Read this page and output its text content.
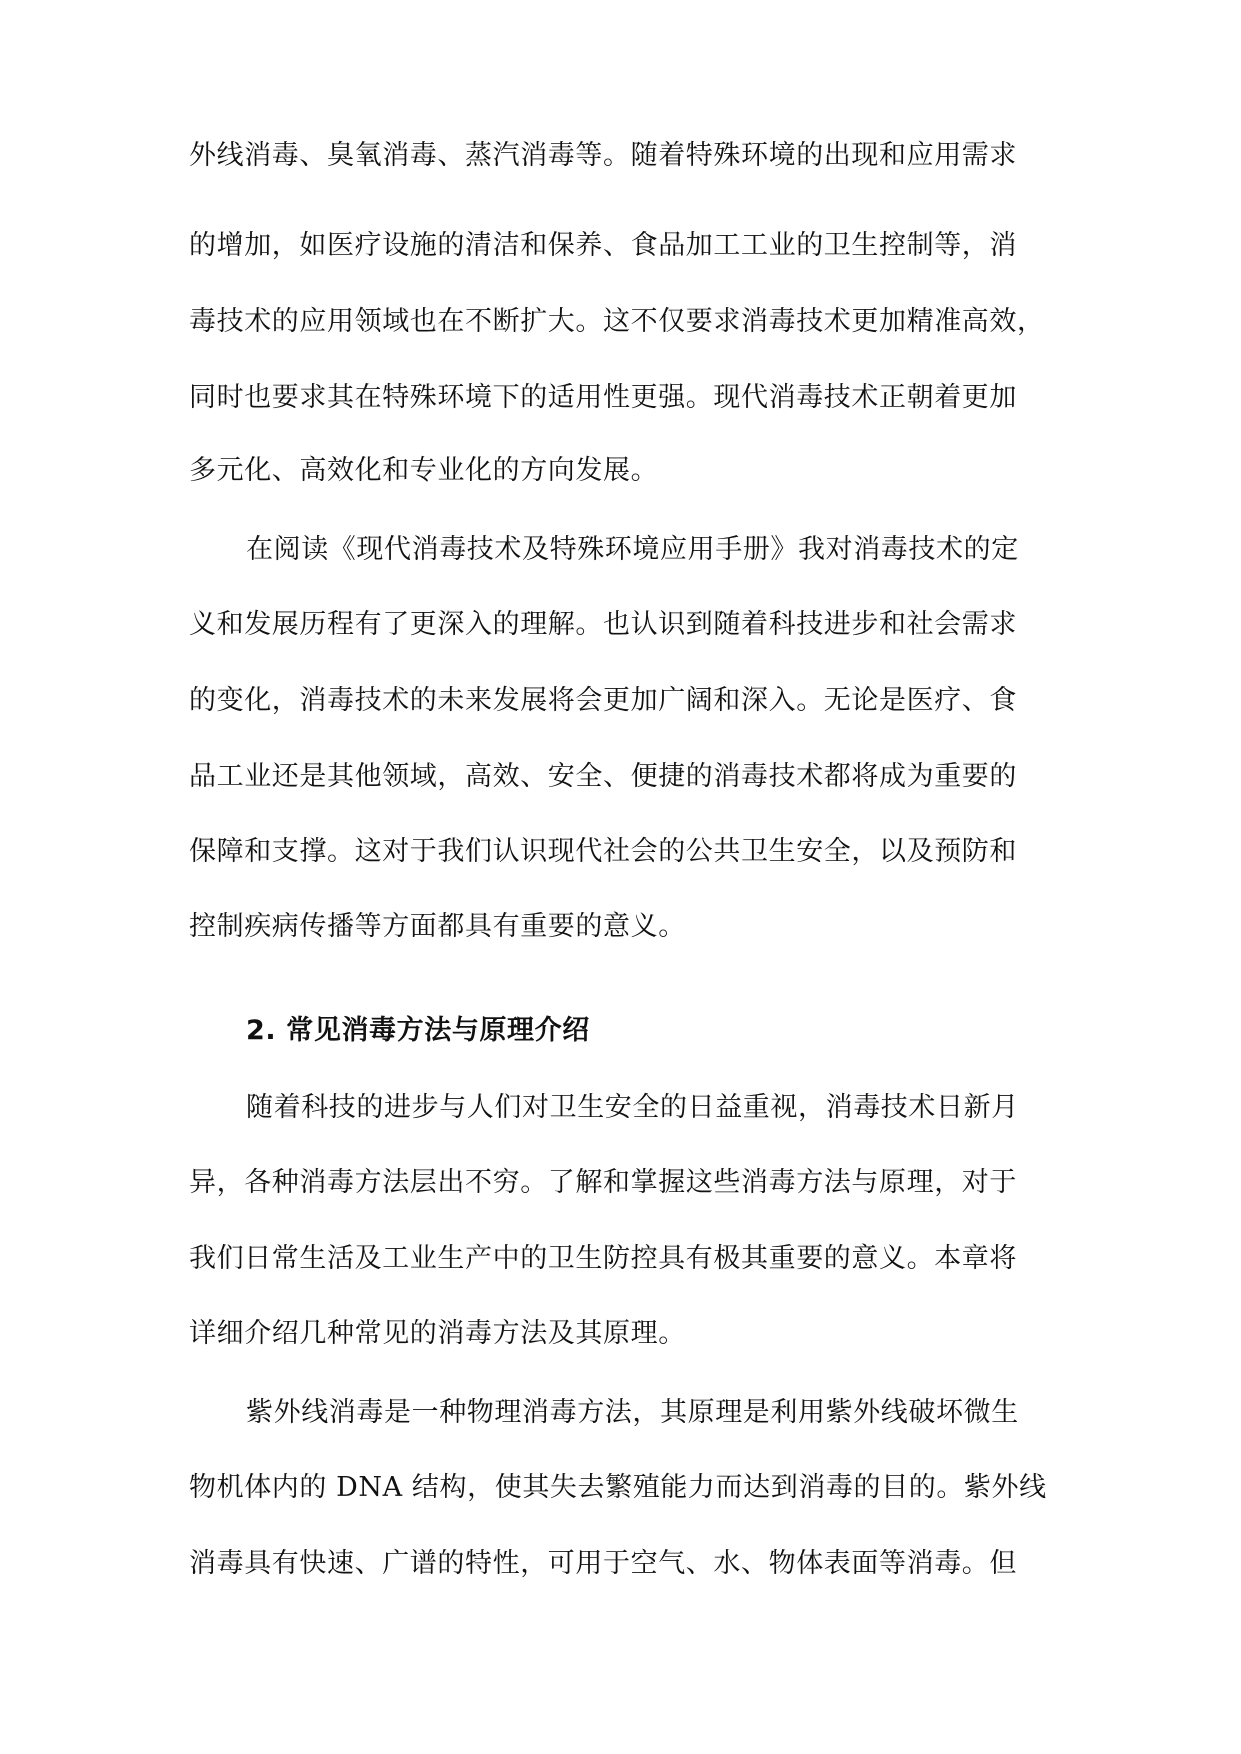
外线消毒、臭氧消毒、蒸汽消毒等。随着特殊环境的出现和应用需求
的增加，如医疗设施的清洁和保养、食品加工工业的卫生控制等，消
毒技术的应用领域也在不断扩大。这不仅要求消毒技术更加精准高效，
同时也要求其在特殊环境下的适用性更强。现代消毒技术正朝着更加
多元化、高效化和专业化的方向发展。
在阅读《现代消毒技术及特殊环境应用手册》我对消毒技术的定
义和发展历程有了更深入的理解。也认识到随着科技进步和社会需求
的变化，消毒技术的未来发展将会更加广阔和深入。无论是医疗、食
品工业还是其他领域，高效、安全、便捷的消毒技术都将成为重要的
保障和支撑。这对于我们认识现代社会的公共卫生安全，以及预防和
控制疾病传播等方面都具有重要的意义。
2. 常见消毒方法与原理介绍
随着科技的进步与人们对卫生安全的日益重视，消毒技术日新月
异，各种消毒方法层出不穷。了解和掌握这些消毒方法与原理，对于
我们日常生活及工业生产中的卫生防控具有极其重要的意义。本章将
详细介绍几种常见的消毒方法及其原理。
紫外线消毒是一种物理消毒方法，其原理是利用紫外线破坏微生
物机体内的 DNA 结构，使其失去繁殖能力而达到消毒的目的。紫外线
消毒具有快速、广谱的特性，可用于空气、水、物体表面等消毒。但
